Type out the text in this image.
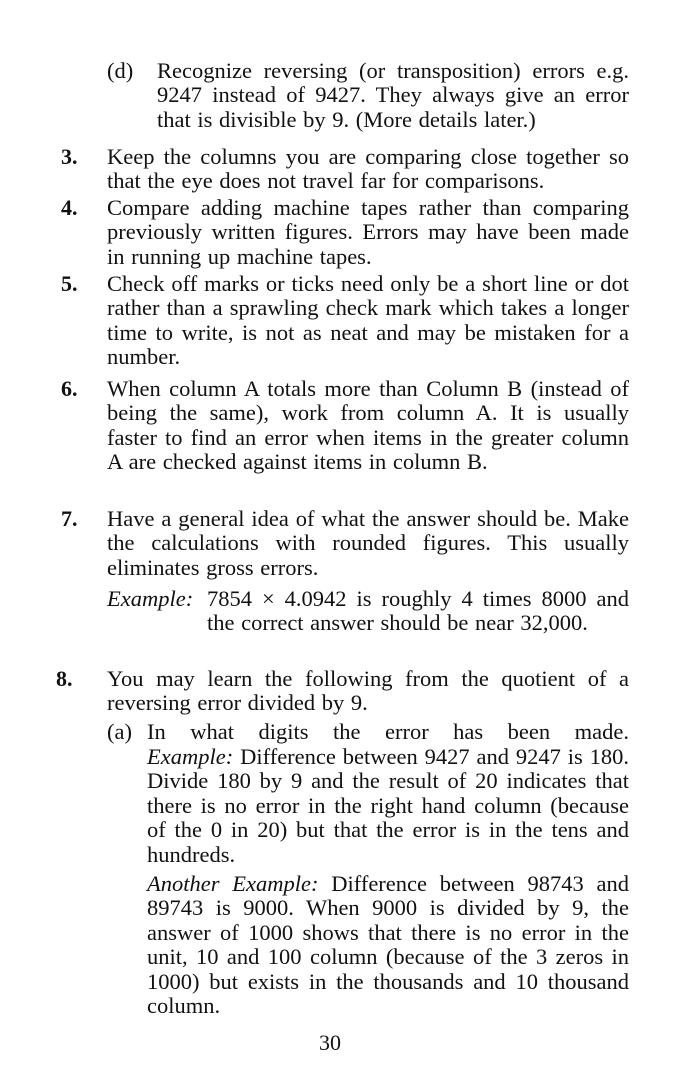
(d) Recognize reversing (or transposition) errors e.g. 9247 instead of 9427. They always give an error that is divisible by 9. (More details later.)
3. Keep the columns you are comparing close together so that the eye does not travel far for comparisons.
4. Compare adding machine tapes rather than comparing previously written figures. Errors may have been made in running up machine tapes.
5. Check off marks or ticks need only be a short line or dot rather than a sprawling check mark which takes a longer time to write, is not as neat and may be mistaken for a number.
6. When column A totals more than Column B (instead of being the same), work from column A. It is usually faster to find an error when items in the greater column A are checked against items in column B.
7. Have a general idea of what the answer should be. Make the calculations with rounded figures. This usually eliminates gross errors.
Example: 7854 × 4.0942 is roughly 4 times 8000 and the correct answer should be near 32,000.
8. You may learn the following from the quotient of a reversing error divided by 9.
(a) In what digits the error has been made.
Example: Difference between 9427 and 9247 is 180. Divide 180 by 9 and the result of 20 indicates that there is no error in the right hand column (because of the 0 in 20) but that the error is in the tens and hundreds.
Another Example: Difference between 98743 and 89743 is 9000. When 9000 is divided by 9, the answer of 1000 shows that there is no error in the unit, 10 and 100 column (because of the 3 zeros in 1000) but exists in the thousands and 10 thousand column.
30
